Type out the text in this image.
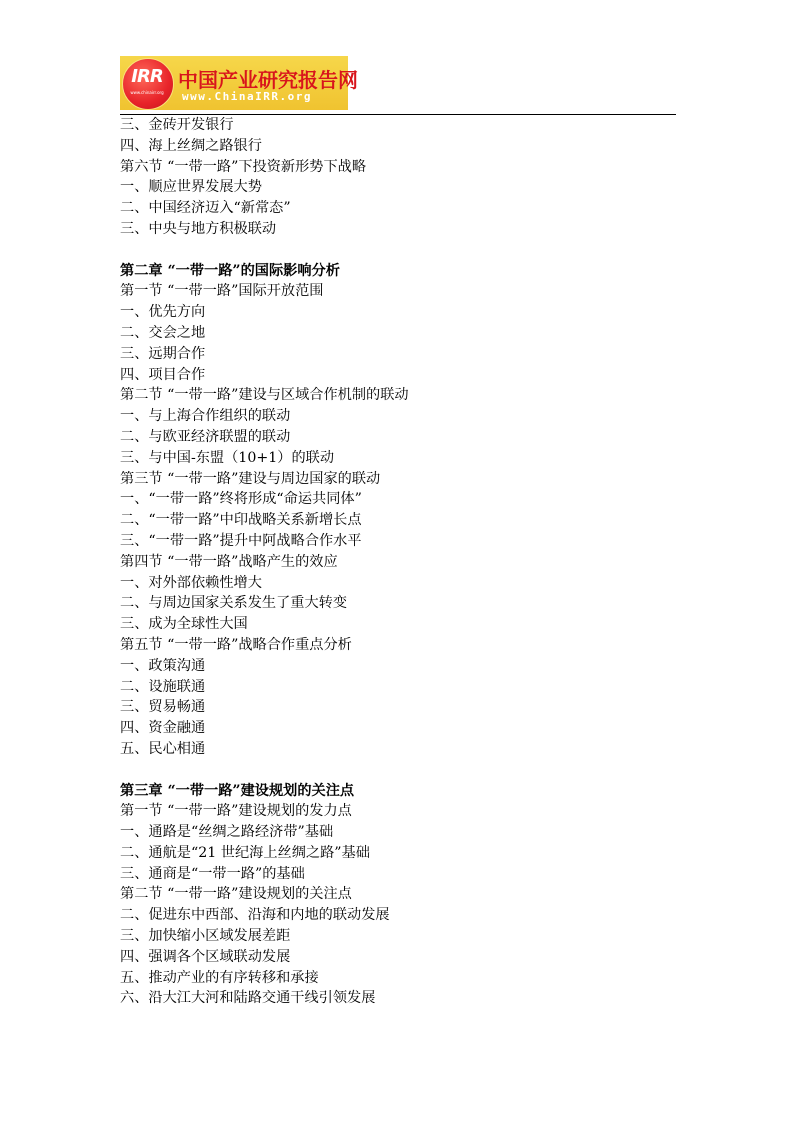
IRR
www.chinairr.org
中国产业研究报告网
www.ChinaIRR.org
三、金砖开发银行
四、海上丝绸之路银行
第六节 “一带一路”下投资新形势下战略
一、顺应世界发展大势
二、中国经济迈入“新常态”
三、中央与地方积极联动
第二章 “一带一路”的国际影响分析
第一节 “一带一路”国际开放范围
一、优先方向
二、交会之地
三、远期合作
四、项目合作
第二节 “一带一路”建设与区域合作机制的联动
一、与上海合作组织的联动
二、与欧亚经济联盟的联动
三、与中国-东盟（10+1）的联动
第三节 “一带一路”建设与周边国家的联动
一、“一带一路”终将形成“命运共同体”
二、“一带一路”中印战略关系新增长点
三、“一带一路”提升中阿战略合作水平
第四节 “一带一路”战略产生的效应
一、对外部依赖性增大
二、与周边国家关系发生了重大转变
三、成为全球性大国
第五节 “一带一路”战略合作重点分析
一、政策沟通
二、设施联通
三、贸易畅通
四、资金融通
五、民心相通
第三章 “一带一路”建设规划的关注点
第一节 “一带一路”建设规划的发力点
一、通路是“丝绸之路经济带”基础
二、通航是“21 世纪海上丝绸之路”基础
三、通商是“一带一路”的基础
第二节 “一带一路”建设规划的关注点
二、促进东中西部、沿海和内地的联动发展
三、加快缩小区域发展差距
四、强调各个区域联动发展
五、推动产业的有序转移和承接
六、沿大江大河和陆路交通干线引领发展
